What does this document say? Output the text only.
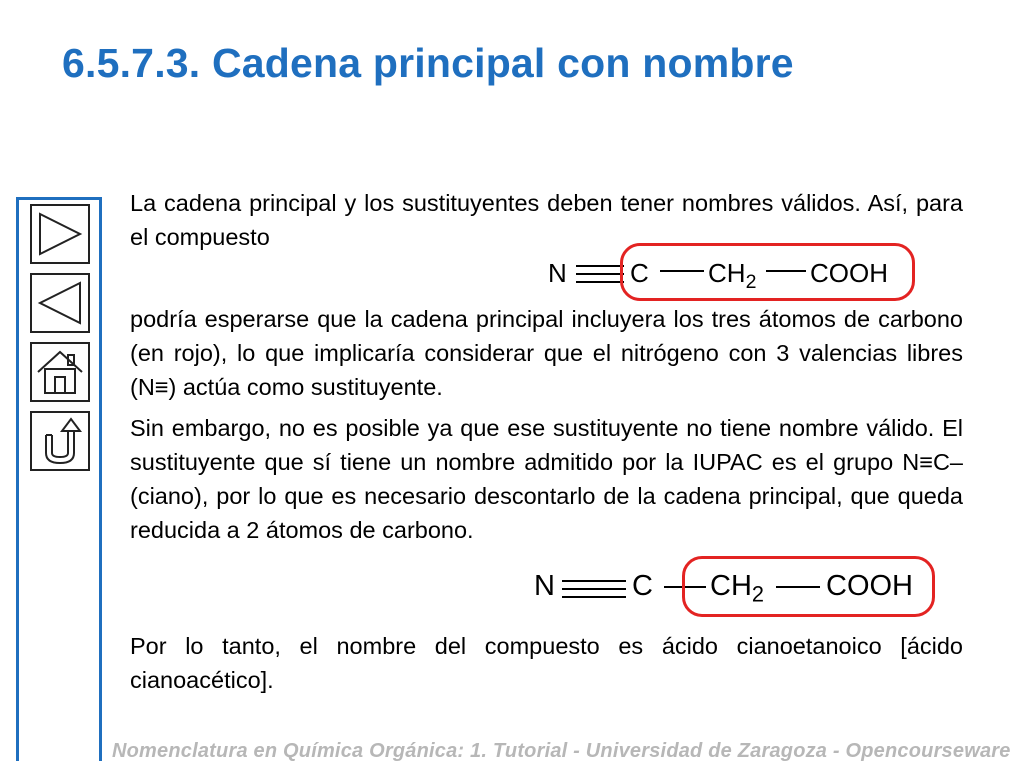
6.5.7.3. Cadena principal con nombre

La cadena principal y los sustituyentes deben tener nombres válidos. Así, para el compuesto

N C $CH_2$ COOH

podría esperarse que la cadena principal incluyera los tres átomos de carbono (en rojo), lo que implicaría considerar que el nitrógeno con 3 valencias libres (N≡) actúa como sustituyente.

Sin embargo, no es posible ya que ese sustituyente no tiene nombre válido. El sustituyente que sí tiene un nombre admitido por la IUPAC es el grupo N≡C– (ciano), por lo que es necesario descontarlo de la cadena principal, que queda reducida a 2 átomos de carbono.

N	C $CH_2$ COOH

Por lo tanto, el nombre del compuesto es ácido cianoetanoico [ácido cianoacético].

Nomenclatura en Química Orgánica: 1. Tutorial - Universidad de Zaragoza - Opencourseware
